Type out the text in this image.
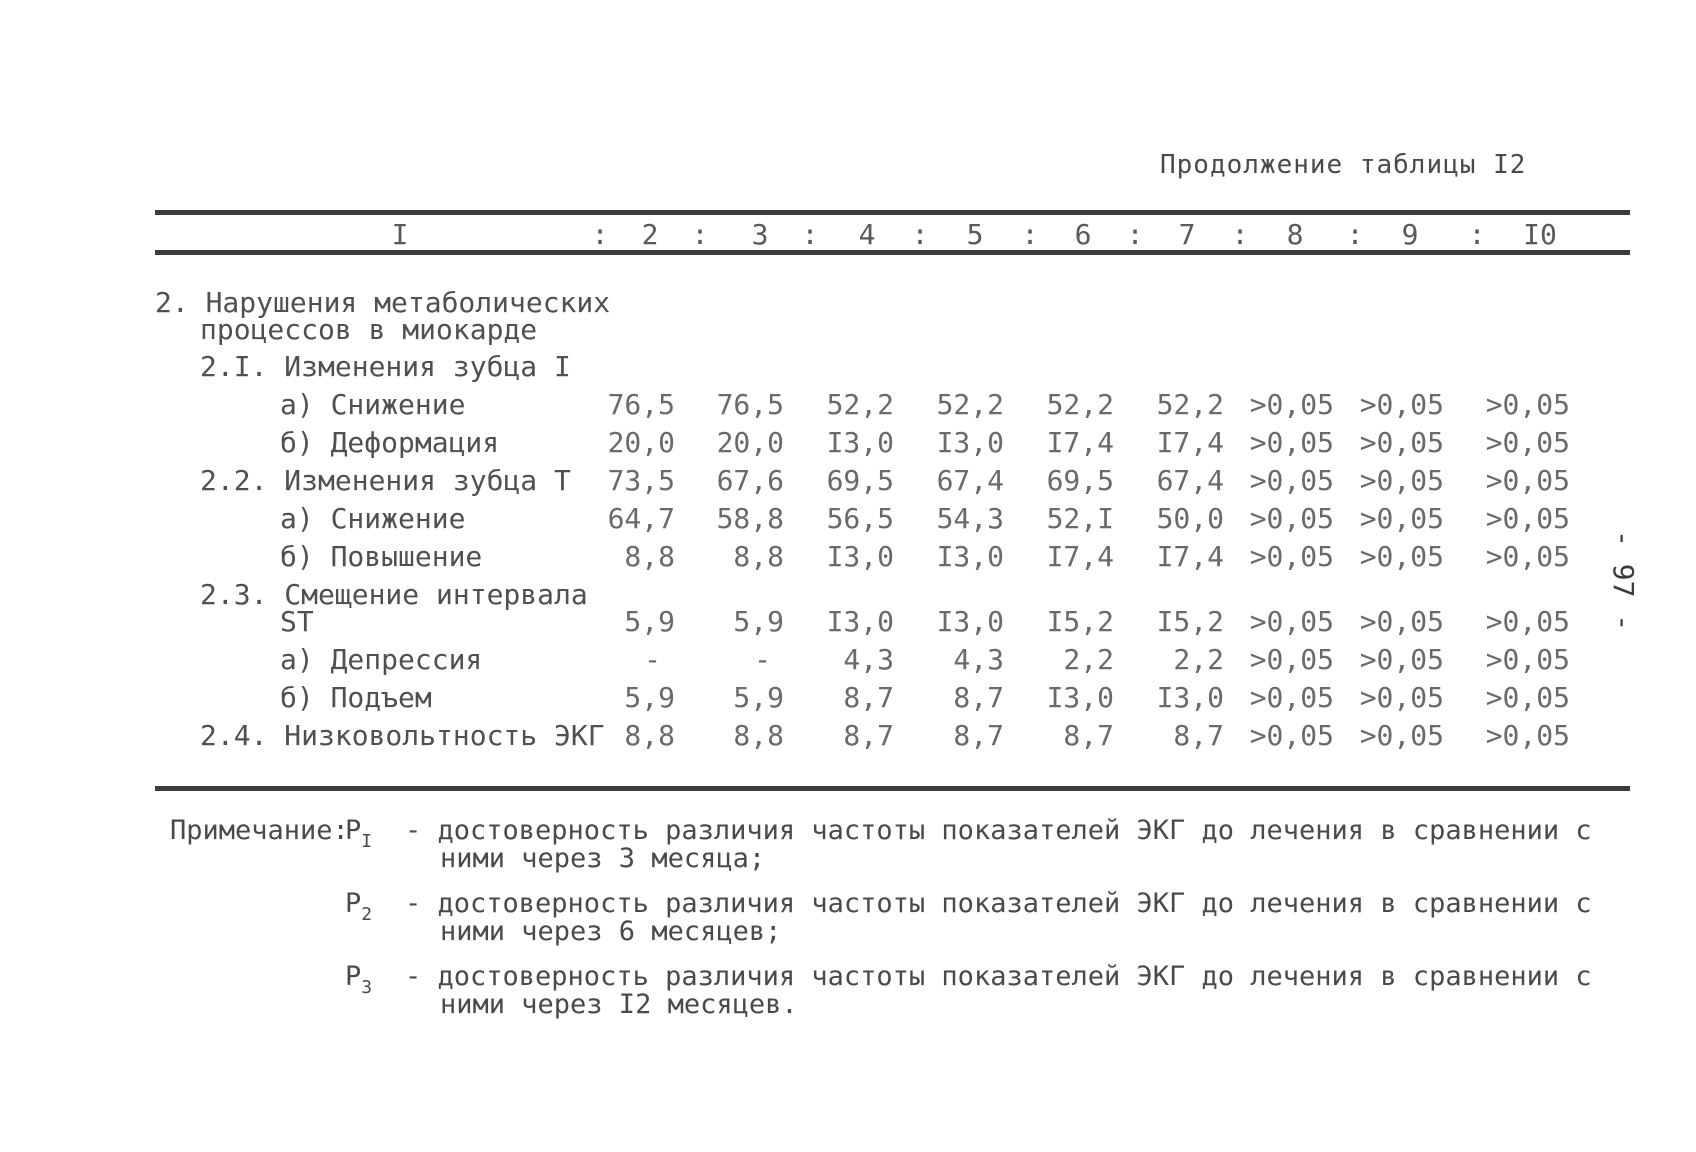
Продолжение таблицы I2
I	: 2 : 3 : 4 : 5 : 6 : 7 : 8 : 9 : I0
2. Нарушения метаболических
процессов в миокарде
2.I. Изменения зубца I
а) Снижение	76,5 76,5 52,2 52,2 52,2 52,2 >0,05 >0,05 >0,05
б) Деформация	20,0 20,0 I3,0 I3,0 I7,4 I7,4 >0,05 >0,05 >0,05
2.2. Изменения зубца Т 73,5 67,6 69,5 67,4 69,5 67,4 >0,05 >0,05 >0,05
а) Снижение	64,7 58,8 56,5 54,3 52,I 50,0 >0,05 >0,05 >0,05
б) Повышение	8,8 8,8 I3,0 I3,0 I7,4 I7,4 >0,05 >0,05 >0,05
2.3. Смещение интервала
ST	5,9 5,9 I3,0 I3,0 I5,2 I5,2 >0,05 >0,05 >0,05
а) Депрессия	-	-	4,3 4,3 2,2 2,2 >0,05 >0,05 >0,05
б) Подъем	5,9 5,9 8,7 8,7 I3,0 I3,0 >0,05 >0,05 >0,05
2.4. Низковольтность ЭКГ 8,8 8,8 8,7 8,7 8,7 8,7 >0,05 >0,05 >0,05
- 97 -
Примечание:
$P_I$ - достоверность различия частоты показателей ЭКГ до лечения в сравнении с
ними через 3 месяца;
$P_2$ - достоверность различия частоты показателей ЭКГ до лечения в сравнении с
ними через 6 месяцев;
$P_3$ - достоверность различия частоты показателей ЭКГ до лечения в сравнении с
ними через I2 месяцев.
